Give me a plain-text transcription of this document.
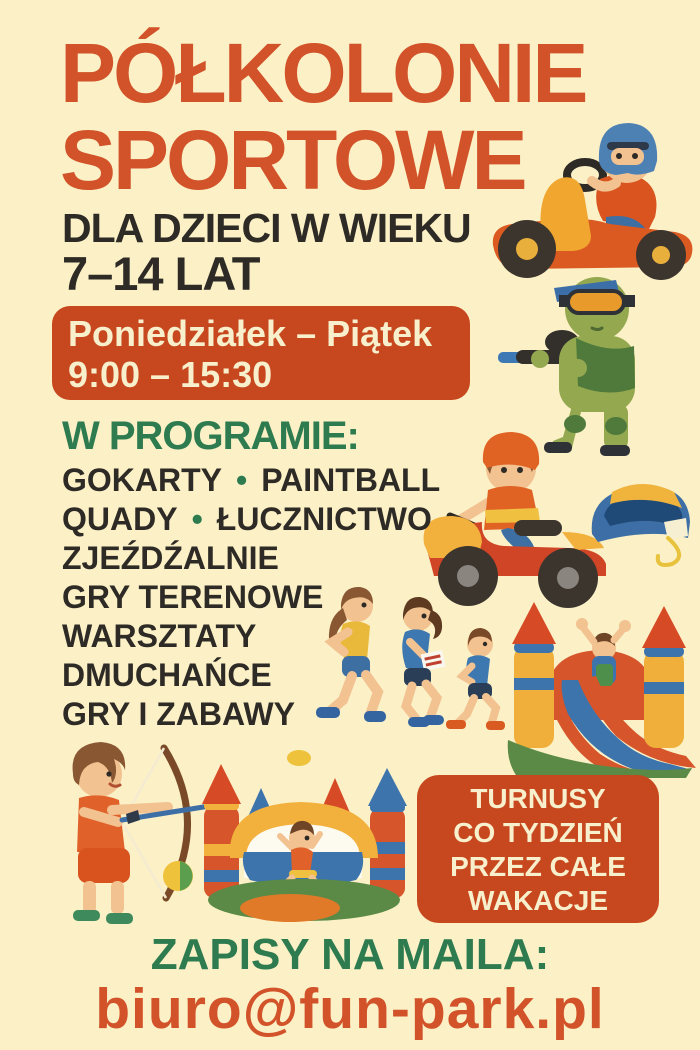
PÓŁKOLONIE
SPORTOWE
DLA DZIECI W WIEKU
7–14 LAT
Poniedziałek – Piątek
9:00 – 15:30
W PROGRAMIE:
GOKARTY • PAINTBALL
QUADY • ŁUCZNICTWO
ZJEŹDŹALNIE
GRY TERENOWE
WARSZTATY
DMUCHAŃCE
GRY I ZABAWY
TURNUSY
CO TYDZIEŃ
PRZEZ CAŁE
WAKACJE
ZAPISY NA MAILA:
biuro@fun-park.pl
